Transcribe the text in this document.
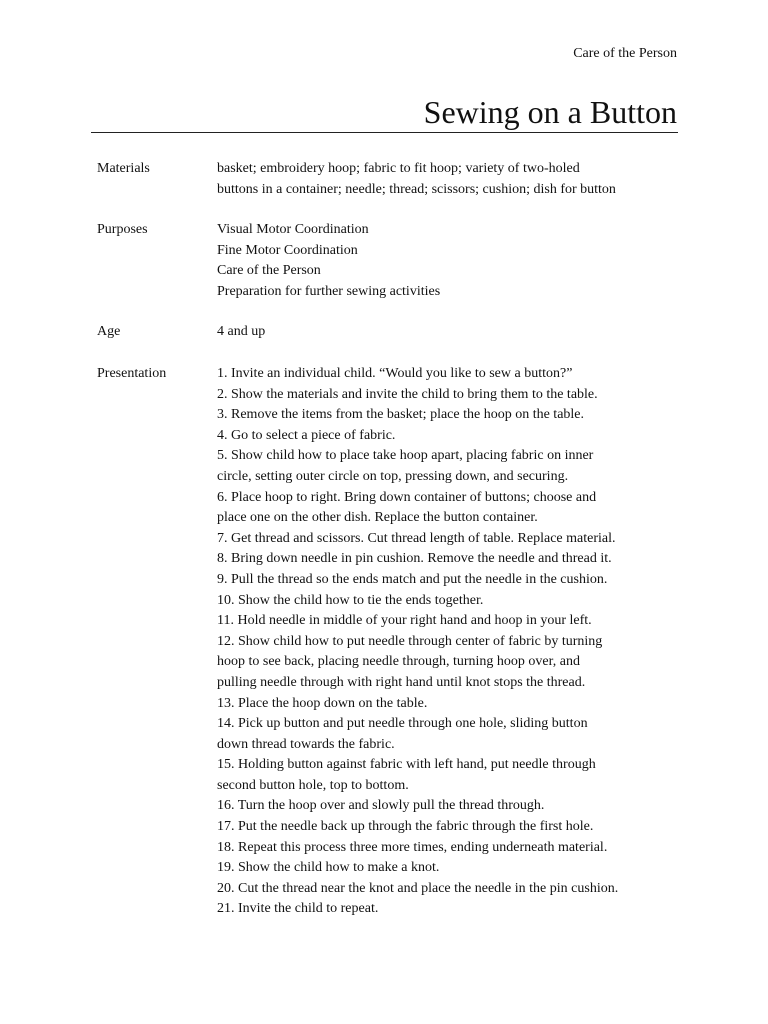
Care of the Person
Sewing on a Button
Materials	basket; embroidery hoop; fabric to fit hoop; variety of two-holed
buttons in a container; needle; thread; scissors; cushion; dish for button
Purposes	Visual Motor Coordination
Fine Motor Coordination
Care of the Person
Preparation for further sewing activities
Age	4 and up
Presentation	1. Invite an individual child. “Would you like to sew a button?”
2. Show the materials and invite the child to bring them to the table.
3. Remove the items from the basket; place the hoop on the table.
4. Go to select a piece of fabric.
5. Show child how to place take hoop apart, placing fabric on inner
circle, setting outer circle on top, pressing down, and securing.
6. Place hoop to right. Bring down container of buttons; choose and
place one on the other dish. Replace the button container.
7. Get thread and scissors. Cut thread length of table. Replace material.
8. Bring down needle in pin cushion. Remove the needle and thread it.
9. Pull the thread so the ends match and put the needle in the cushion.
10. Show the child how to tie the ends together.
11. Hold needle in middle of your right hand and hoop in your left.
12. Show child how to put needle through center of fabric by turning
hoop to see back, placing needle through, turning hoop over, and
pulling needle through with right hand until knot stops the thread.
13. Place the hoop down on the table.
14. Pick up button and put needle through one hole, sliding button
down thread towards the fabric.
15. Holding button against fabric with left hand, put needle through
second button hole, top to bottom.
16. Turn the hoop over and slowly pull the thread through.
17. Put the needle back up through the fabric through the first hole.
18. Repeat this process three more times, ending underneath material.
19. Show the child how to make a knot.
20. Cut the thread near the knot and place the needle in the pin cushion.
21. Invite the child to repeat.
